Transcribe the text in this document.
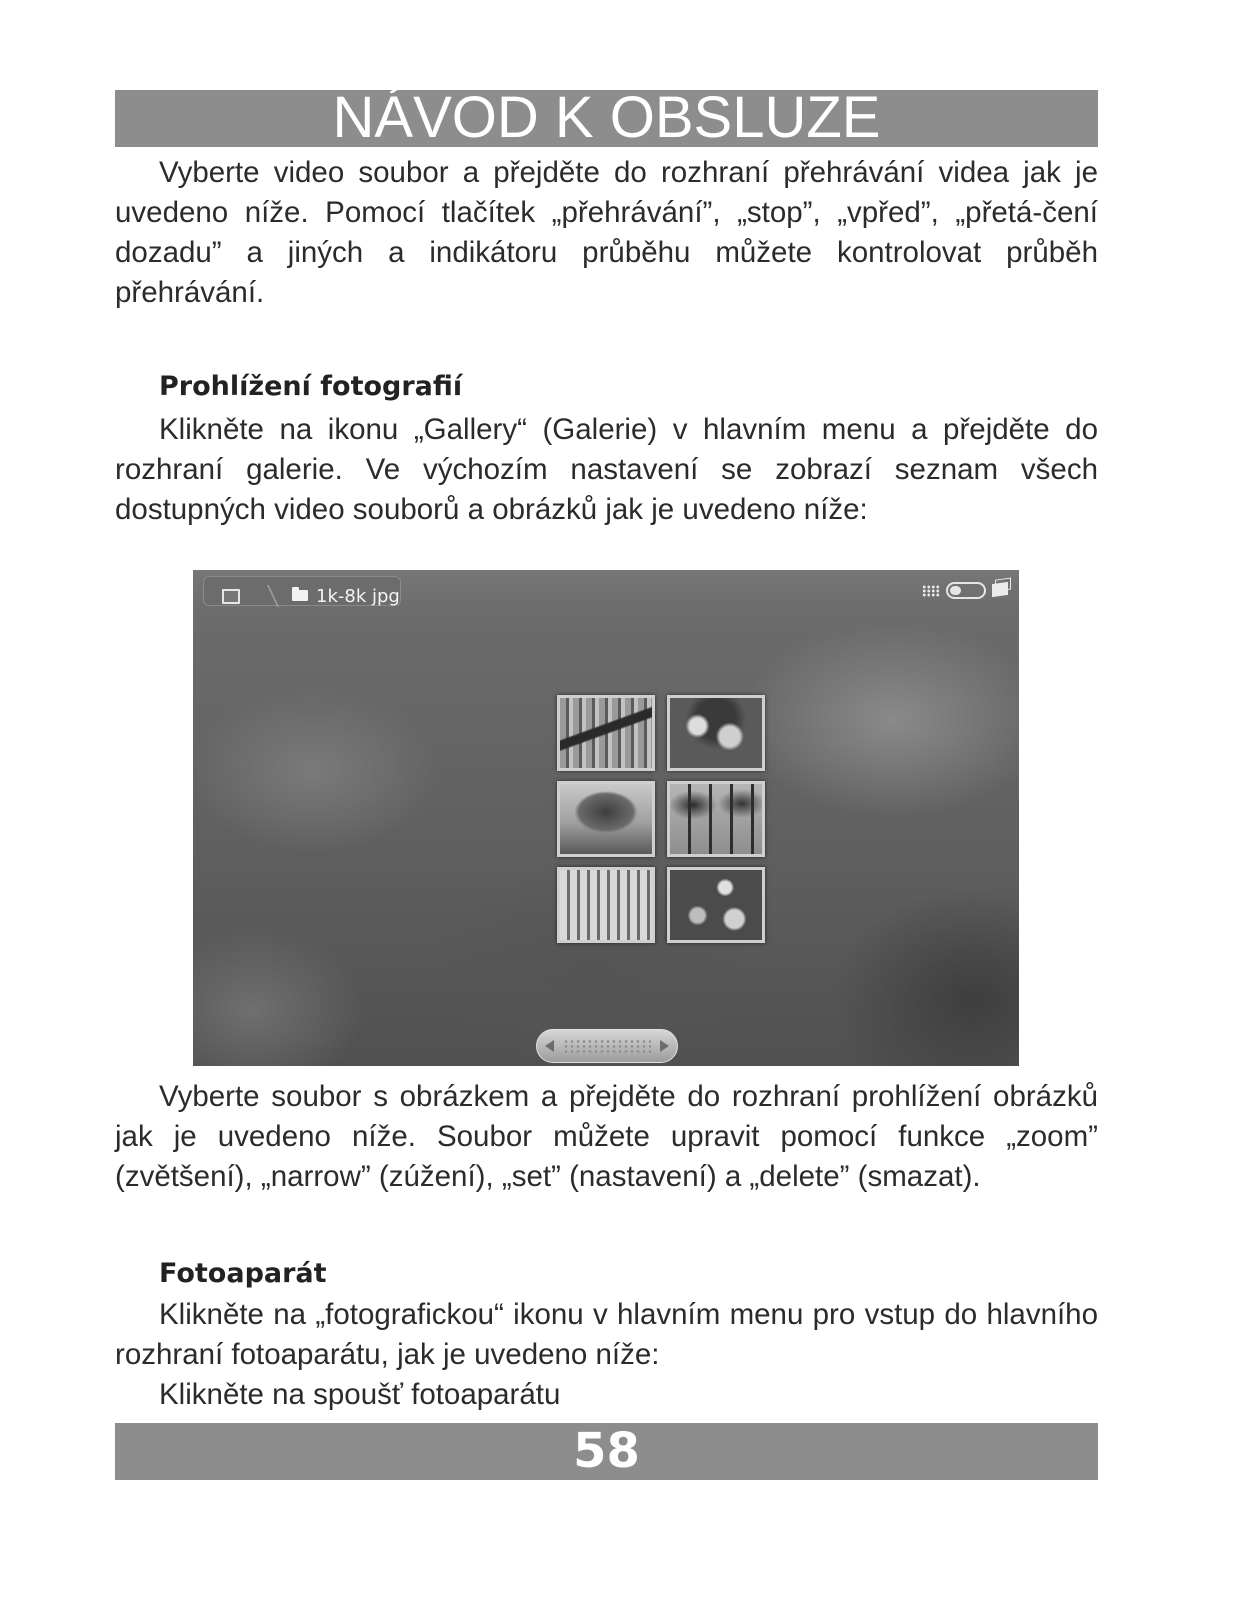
NÁVOD K OBSLUZE

Vyberte video soubor a přejděte do rozhraní přehrávání videa jak je uvedeno níže. Pomocí tlačítek „přehrávání”, „stop”, „vpřed”, „přetá-čení dozadu” a jiných a indikátoru průběhu můžete kontrolovat průběh přehrávání.

Prohlížení fotografií

Klikněte na ikonu „Gallery“ (Galerie) v hlavním menu a přejděte do rozhraní galerie. Ve výchozím nastavení se zobrazí seznam všech dostupných video souborů a obrázků jak je uvedeno níže:

1k-8k jpg

Vyberte soubor s obrázkem a přejděte do rozhraní prohlížení obrázků jak je uvedeno níže. Soubor můžete upravit pomocí funkce „zoom” (zvětšení), „narrow” (zúžení), „set” (nastavení) a „delete” (smazat).

Fotoaparát

Klikněte na „fotografickou“ ikonu v hlavním menu pro vstup do hlavního rozhraní fotoaparátu, jak je uvedeno níže:

Klikněte na spoušť fotoaparátu

58
